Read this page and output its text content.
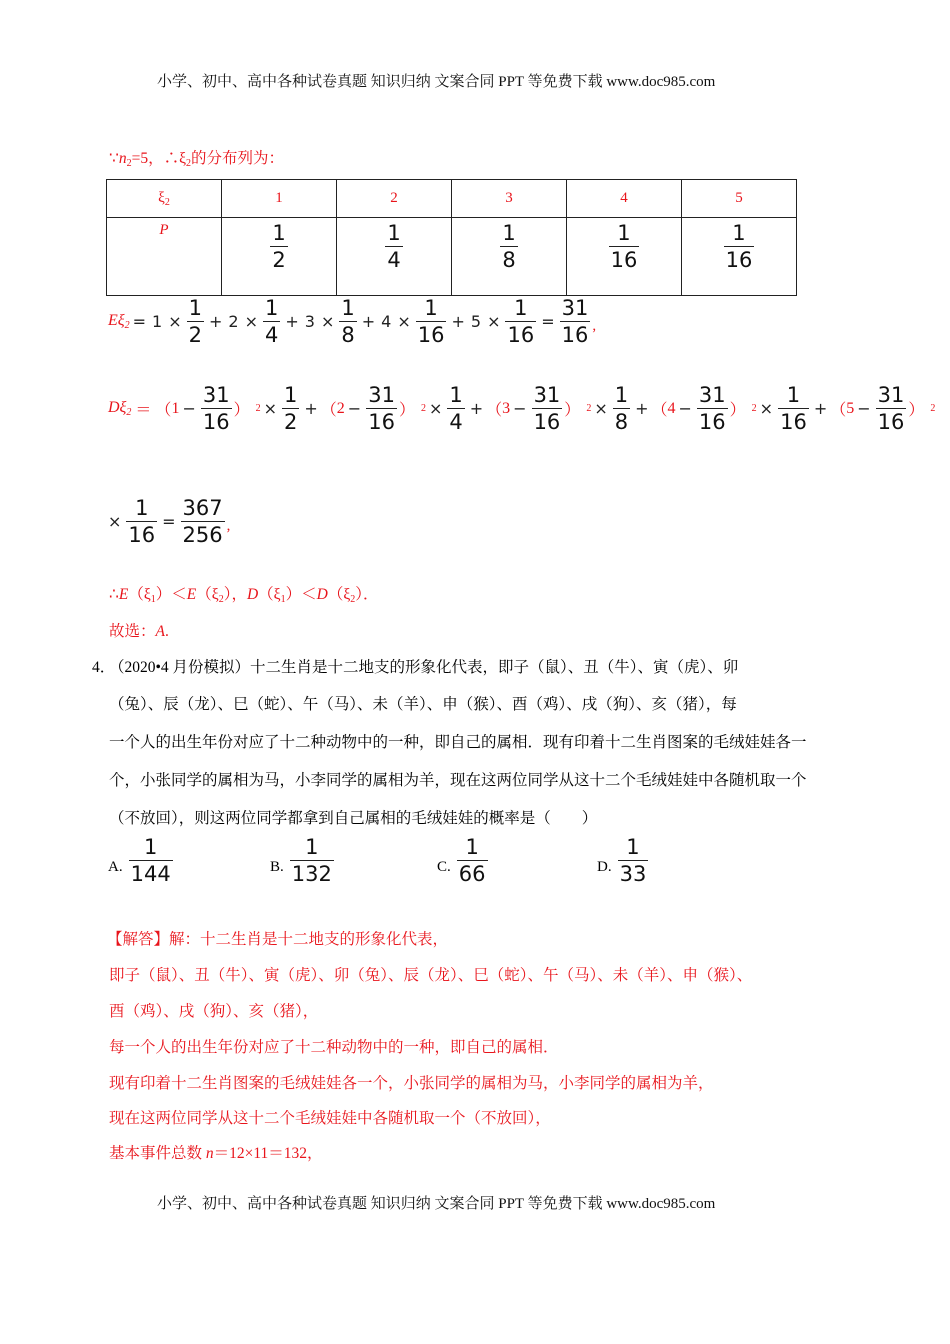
小学、初中、高中各种试卷真题 知识归纳 文案合同 PPT 等免费下载 www.doc985.com
$\because n_2=5$，$\therefore\xi_2$的分布列为：
$\xi_2$	1	2	3	4	5
P	$\frac{1}{2}$	$\frac{1}{4}$	$\frac{1}{8}$	$\frac{1}{16}$	$\frac{1}{16}$
$E\xi_2 = 1 \times \frac{1}{2} + 2 \times \frac{1}{4} + 3 \times \frac{1}{8} + 4 \times \frac{1}{16} + 5 \times \frac{1}{16} = \frac{31}{16}$ ,
$D\xi_2$ ＝ （ $1 - \frac{31}{16}$ ） $2 \times \frac{1}{2}$ + （ $2 - \frac{31}{16}$ ） $2 \times \frac{1}{4}$ + （ $3 - \frac{31}{16}$ ） $2 \times \frac{1}{8}$ + （ $4 - \frac{31}{16}$ ） $2 \times \frac{1}{16}$ + （ $5 - \frac{31}{16}$ ） 2
× $\frac{1}{16} = \frac{367}{256}$ ,
$\therefore E(\xi_1)<E(\xi_2)$，$D(\xi_1)<D(\xi_2)$．
故选：A.
4．
（2020•4 月份模拟）十二生肖是十二地支的形象化代表，即子（鼠）、丑（牛）、寅（虎）、卯
（兔）、辰（龙）、巳（蛇）、午（马）、未（羊）、申（猴）、酉（鸡）、戌（狗）、亥（猪），每
一个人的出生年份对应了十二种动物中的一种，即自己的属相．现有印着十二生肖图案的毛绒娃娃各一
个，小张同学的属相为马，小李同学的属相为羊，现在这两位同学从这十二个毛绒娃娃中各随机取一个
（不放回），则这两位同学都拿到自己属相的毛绒娃娃的概率是（　　）
A. $\frac{1}{144}$	B. $\frac{1}{132}$	C. $\frac{1}{66}$	D. $\frac{1}{33}$
【解答】解：十二生肖是十二地支的形象化代表，
即子（鼠）、丑（牛）、寅（虎）、卯（兔）、辰（龙）、巳（蛇）、午（马）、未（羊）、申（猴）、
酉（鸡）、戌（狗）、亥（猪），
每一个人的出生年份对应了十二种动物中的一种，即自己的属相．
现有印着十二生肖图案的毛绒娃娃各一个，小张同学的属相为马，小李同学的属相为羊，
现在这两位同学从这十二个毛绒娃娃中各随机取一个（不放回），
基本事件总数 n＝12×11＝132，
小学、初中、高中各种试卷真题 知识归纳 文案合同 PPT 等免费下载 www.doc985.com
